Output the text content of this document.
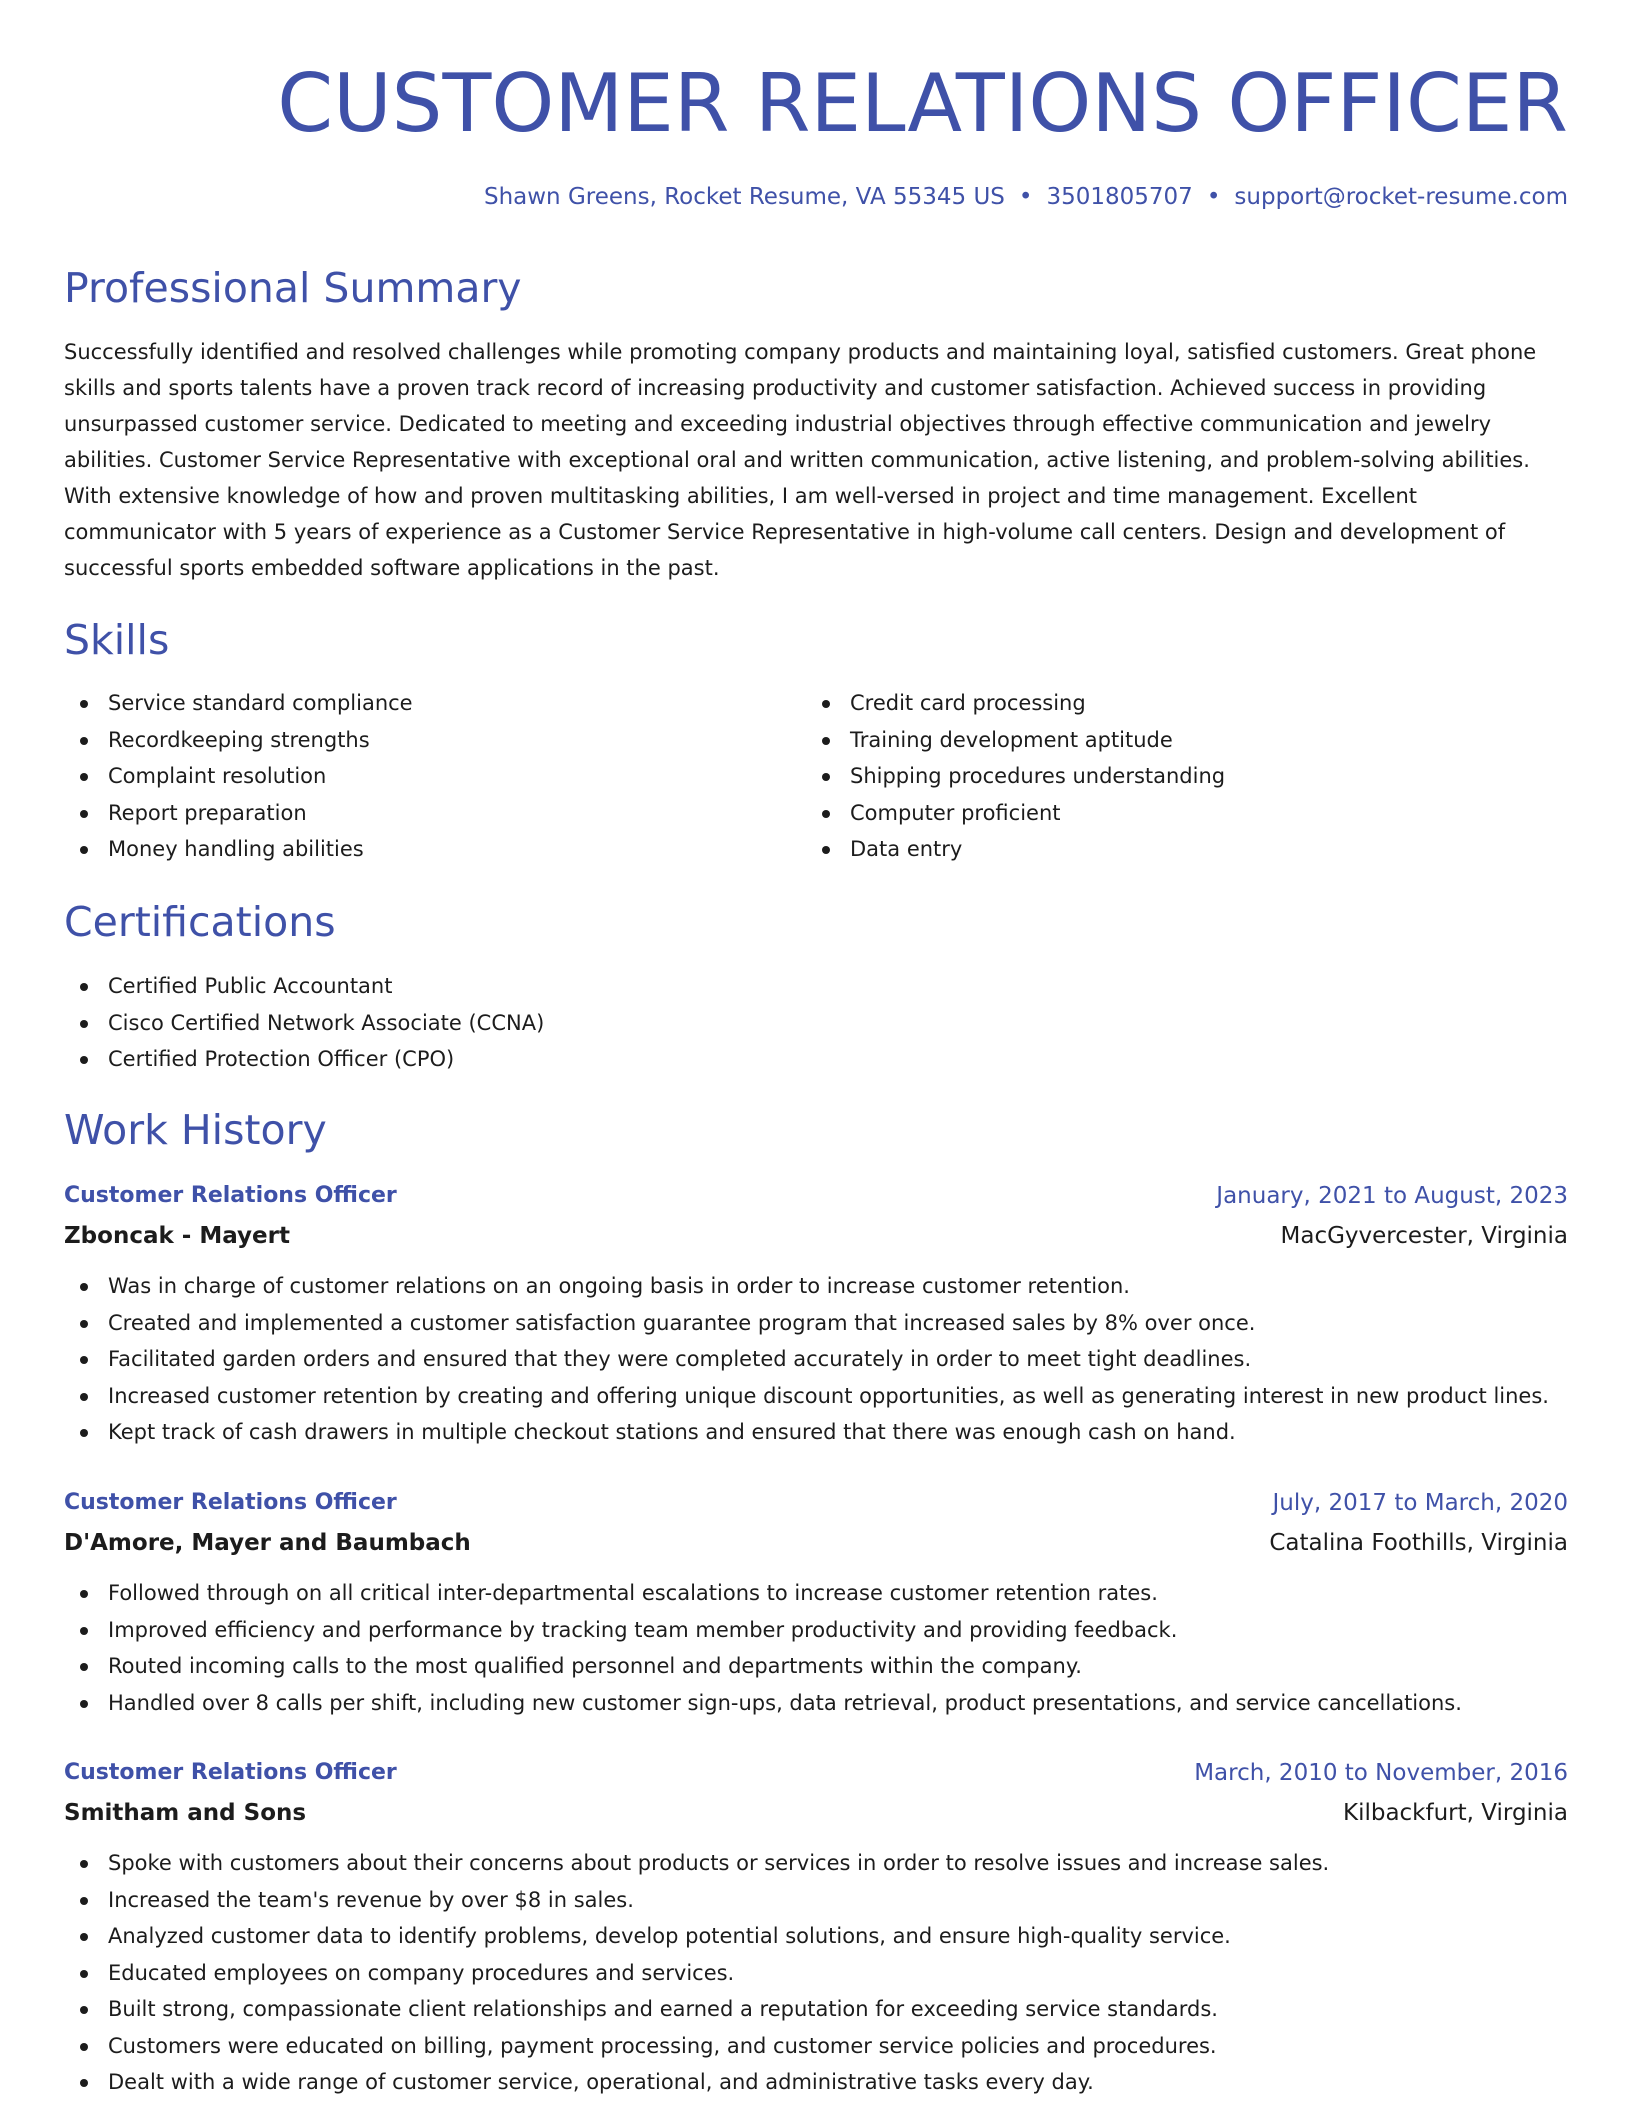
CUSTOMER RELATIONS OFFICER
Shawn Greens, Rocket Resume, VA 55345 US • 3501805707 • support@rocket-resume.com
Professional Summary

Successfully identified and resolved challenges while promoting company products and maintaining loyal, satisfied customers. Great phone skills and sports talents have a proven track record of increasing productivity and customer satisfaction. Achieved success in providing unsurpassed customer service. Dedicated to meeting and exceeding industrial objectives through effective communication and jewelry abilities. Customer Service Representative with exceptional oral and written communication, active listening, and problem-solving abilities. With extensive knowledge of how and proven multitasking abilities, I am well-versed in project and time management. Excellent communicator with 5 years of experience as a Customer Service Representative in high-volume call centers. Design and development of successful sports embedded software applications in the past.

Skills
Service standard compliance
Recordkeeping strengths
Complaint resolution
Report preparation
Money handling abilities
Credit card processing
Training development aptitude
Shipping procedures understanding
Computer proficient
Data entry
Certifications
Certified Public Accountant
Cisco Certified Network Associate (CCNA)
Certified Protection Officer (CPO)
Work History
Customer Relations Officer	January, 2021 to August, 2023
Zboncak - Mayert	MacGyvercester, Virginia
Was in charge of customer relations on an ongoing basis in order to increase customer retention.
Created and implemented a customer satisfaction guarantee program that increased sales by 8% over once.
Facilitated garden orders and ensured that they were completed accurately in order to meet tight deadlines.
Increased customer retention by creating and offering unique discount opportunities, as well as generating interest in new product lines.
Kept track of cash drawers in multiple checkout stations and ensured that there was enough cash on hand.
Customer Relations Officer	July, 2017 to March, 2020
D'Amore, Mayer and Baumbach	Catalina Foothills, Virginia
Followed through on all critical inter-departmental escalations to increase customer retention rates.
Improved efficiency and performance by tracking team member productivity and providing feedback.
Routed incoming calls to the most qualified personnel and departments within the company.
Handled over 8 calls per shift, including new customer sign-ups, data retrieval, product presentations, and service cancellations.
Customer Relations Officer	March, 2010 to November, 2016
Smitham and Sons	Kilbackfurt, Virginia
Spoke with customers about their concerns about products or services in order to resolve issues and increase sales.
Increased the team's revenue by over $8 in sales.
Analyzed customer data to identify problems, develop potential solutions, and ensure high-quality service.
Educated employees on company procedures and services.
Built strong, compassionate client relationships and earned a reputation for exceeding service standards.
Customers were educated on billing, payment processing, and customer service policies and procedures.
Dealt with a wide range of customer service, operational, and administrative tasks every day.
